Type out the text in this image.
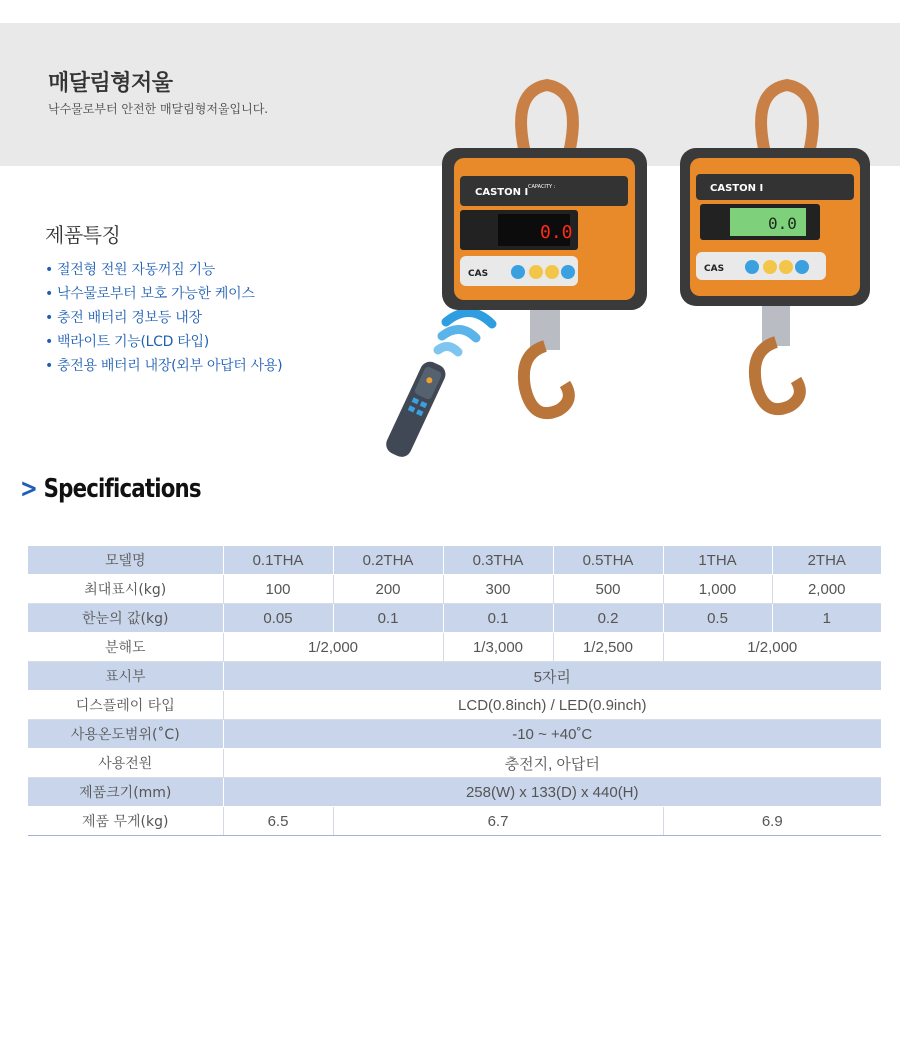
매달림형저울
낙수물로부터 안전한 매달림형저울입니다.
제품특징
• 절전형 전원 자동꺼짐 기능
• 낙수물로부터 보호 가능한 케이스
• 충전 배터리 경보등 내장
• 백라이트 기능(LCD 타입)
• 충전용 배터리 내장(외부 아답터 사용)
CASTON Ⅰ CAPACITY :
0.0
CAS
CASTON Ⅰ
0.0
CAS
> Specifications
모델명	0.1THA	0.2THA	0.3THA	0.5THA	1THA	2THA
최대표시(kg)	100	200	300	500	1,000	2,000
한눈의 값(kg)	0.05	0.1	0.1	0.2	0.5	1
분해도	1/2,000		1/3,000	1/2,500	1/2,000	
표시부	5자리					
디스플레이 타입	LCD(0.8inch) / LED(0.9inch)					
사용온도범위(˚C)	-10 ~ +40˚C					
사용전원	충전지, 아답터					
제품크기(mm)	258(W) x 133(D) x 440(H)					
제품 무게(kg)	6.5	6.7			6.9	
